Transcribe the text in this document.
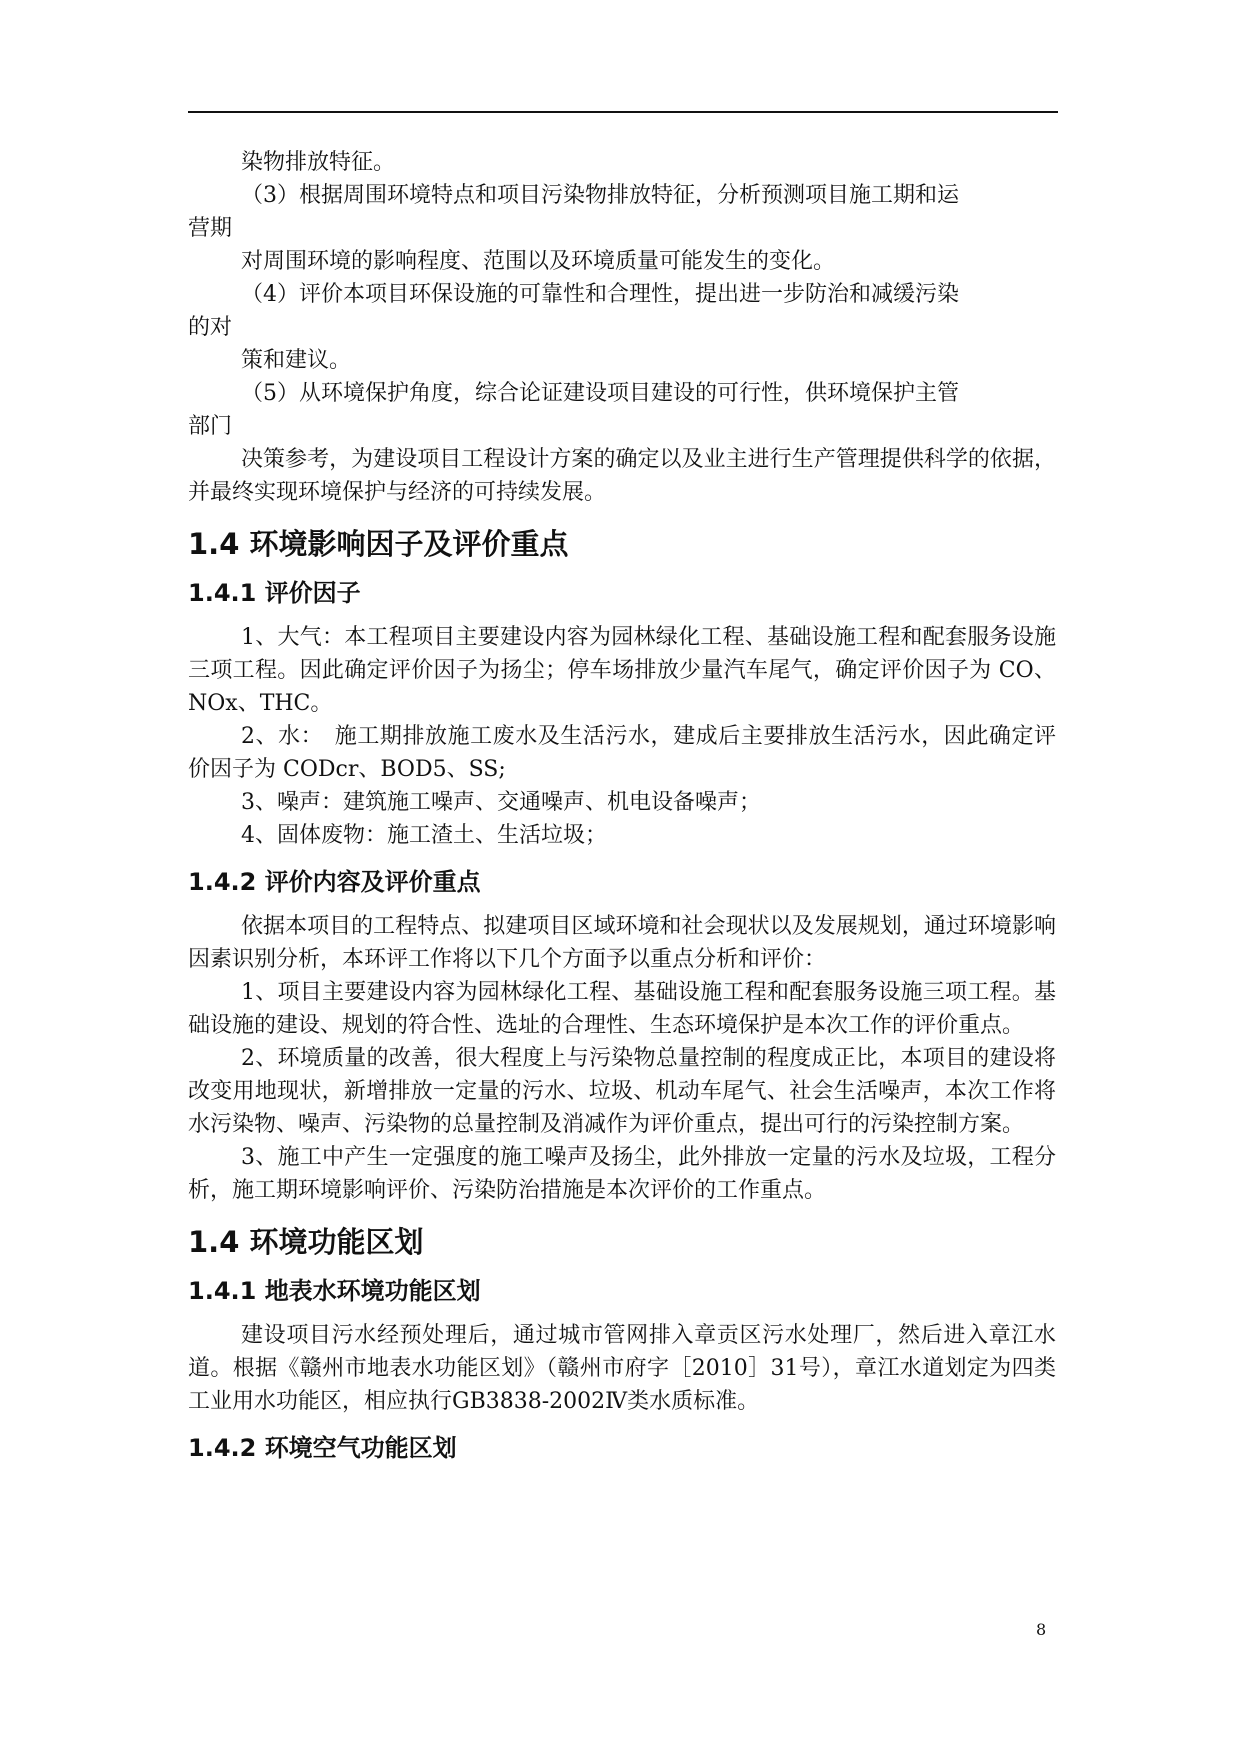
染物排放特征。

（3）根据周围环境特点和项目污染物排放特征，分析预测项目施工期和运

营期

对周围环境的影响程度、范围以及环境质量可能发生的变化。

（4）评价本项目环保设施的可靠性和合理性，提出进一步防治和减缓污染

的对

策和建议。

（5）从环境保护角度，综合论证建设项目建设的可行性，供环境保护主管

部门

决策参考，为建设项目工程设计方案的确定以及业主进行生产管理提供科学的依据，并最终实现环境保护与经济的可持续发展。

1.4 环境影响因子及评价重点
1.4.1 评价因子

1、大气：本工程项目主要建设内容为园林绿化工程、基础设施工程和配套服务设施三项工程。因此确定评价因子为扬尘；停车场排放少量汽车尾气，确定评价因子为 CO、NOx、THC。

2、水：　施工期排放施工废水及生活污水，建成后主要排放生活污水，因此确定评价因子为 CODcr、BOD5、SS;

3、噪声：建筑施工噪声、交通噪声、机电设备噪声；

4、固体废物：施工渣土、生活垃圾；

1.4.2 评价内容及评价重点

依据本项目的工程特点、拟建项目区域环境和社会现状以及发展规划，通过环境影响因素识别分析，本环评工作将以下几个方面予以重点分析和评价：

1、项目主要建设内容为园林绿化工程、基础设施工程和配套服务设施三项工程。基础设施的建设、规划的符合性、选址的合理性、生态环境保护是本次工作的评价重点。

2、环境质量的改善，很大程度上与污染物总量控制的程度成正比，本项目的建设将改变用地现状，新增排放一定量的污水、垃圾、机动车尾气、社会生活噪声，本次工作将水污染物、噪声、污染物的总量控制及消减作为评价重点，提出可行的污染控制方案。

3、施工中产生一定强度的施工噪声及扬尘，此外排放一定量的污水及垃圾，工程分析，施工期环境影响评价、污染防治措施是本次评价的工作重点。

1.4 环境功能区划
1.4.1 地表水环境功能区划

建设项目污水经预处理后，通过城市管网排入章贡区污水处理厂，然后进入章江水道。根据《赣州市地表水功能区划》（赣州市府字［2010］31号），章江水道划定为四类工业用水功能区，相应执行GB3838-2002Ⅳ类水质标准。

1.4.2 环境空气功能区划
8
